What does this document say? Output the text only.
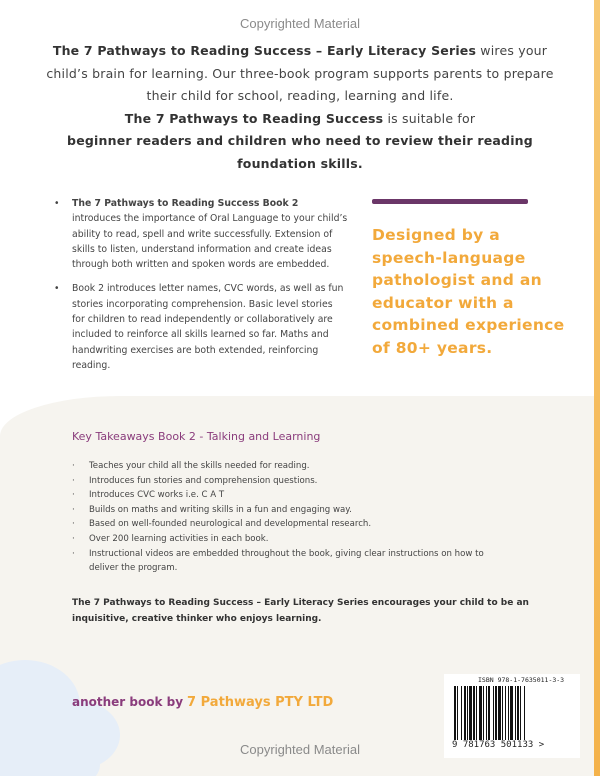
Copyrighted Material
The 7 Pathways to Reading Success – Early Literacy Series wires your child’s brain for learning. Our three-book program supports parents to prepare their child for school, reading, learning and life.
The 7 Pathways to Reading Success is suitable for
beginner readers and children who need to review their reading foundation skills.
• The 7 Pathways to Reading Success Book 2 introduces the importance of Oral Language to your child’s ability to read, spell and write successfully. Extension of skills to listen, understand information and create ideas through both written and spoken words are embedded.
• Book 2 introduces letter names, CVC words, as well as fun stories incorporating comprehension. Basic level stories for children to read independently or collaboratively are included to reinforce all skills learned so far. Maths and handwriting exercises are both extended, reinforcing reading.
Designed by a speech-language pathologist and an educator with a combined experience of 80+ years.
Key Takeaways Book 2 - Talking and Learning
·	Teaches your child all the skills needed for reading.
·	Introduces fun stories and comprehension questions.
·	Introduces CVC works i.e. C A T
·	Builds on maths and writing skills in a fun and engaging way.
·	Based on well-founded neurological and developmental research.
·	Over 200 learning activities in each book.
·	Instructional videos are embedded throughout the book, giving clear instructions on how to deliver the program.
The 7 Pathways to Reading Success – Early Literacy Series encourages your child to be an inquisitive, creative thinker who enjoys learning.
another book by 7 Pathways PTY LTD
ISBN 978-1-7635011-3-3
9 781763 501133 >
Copyrighted Material
